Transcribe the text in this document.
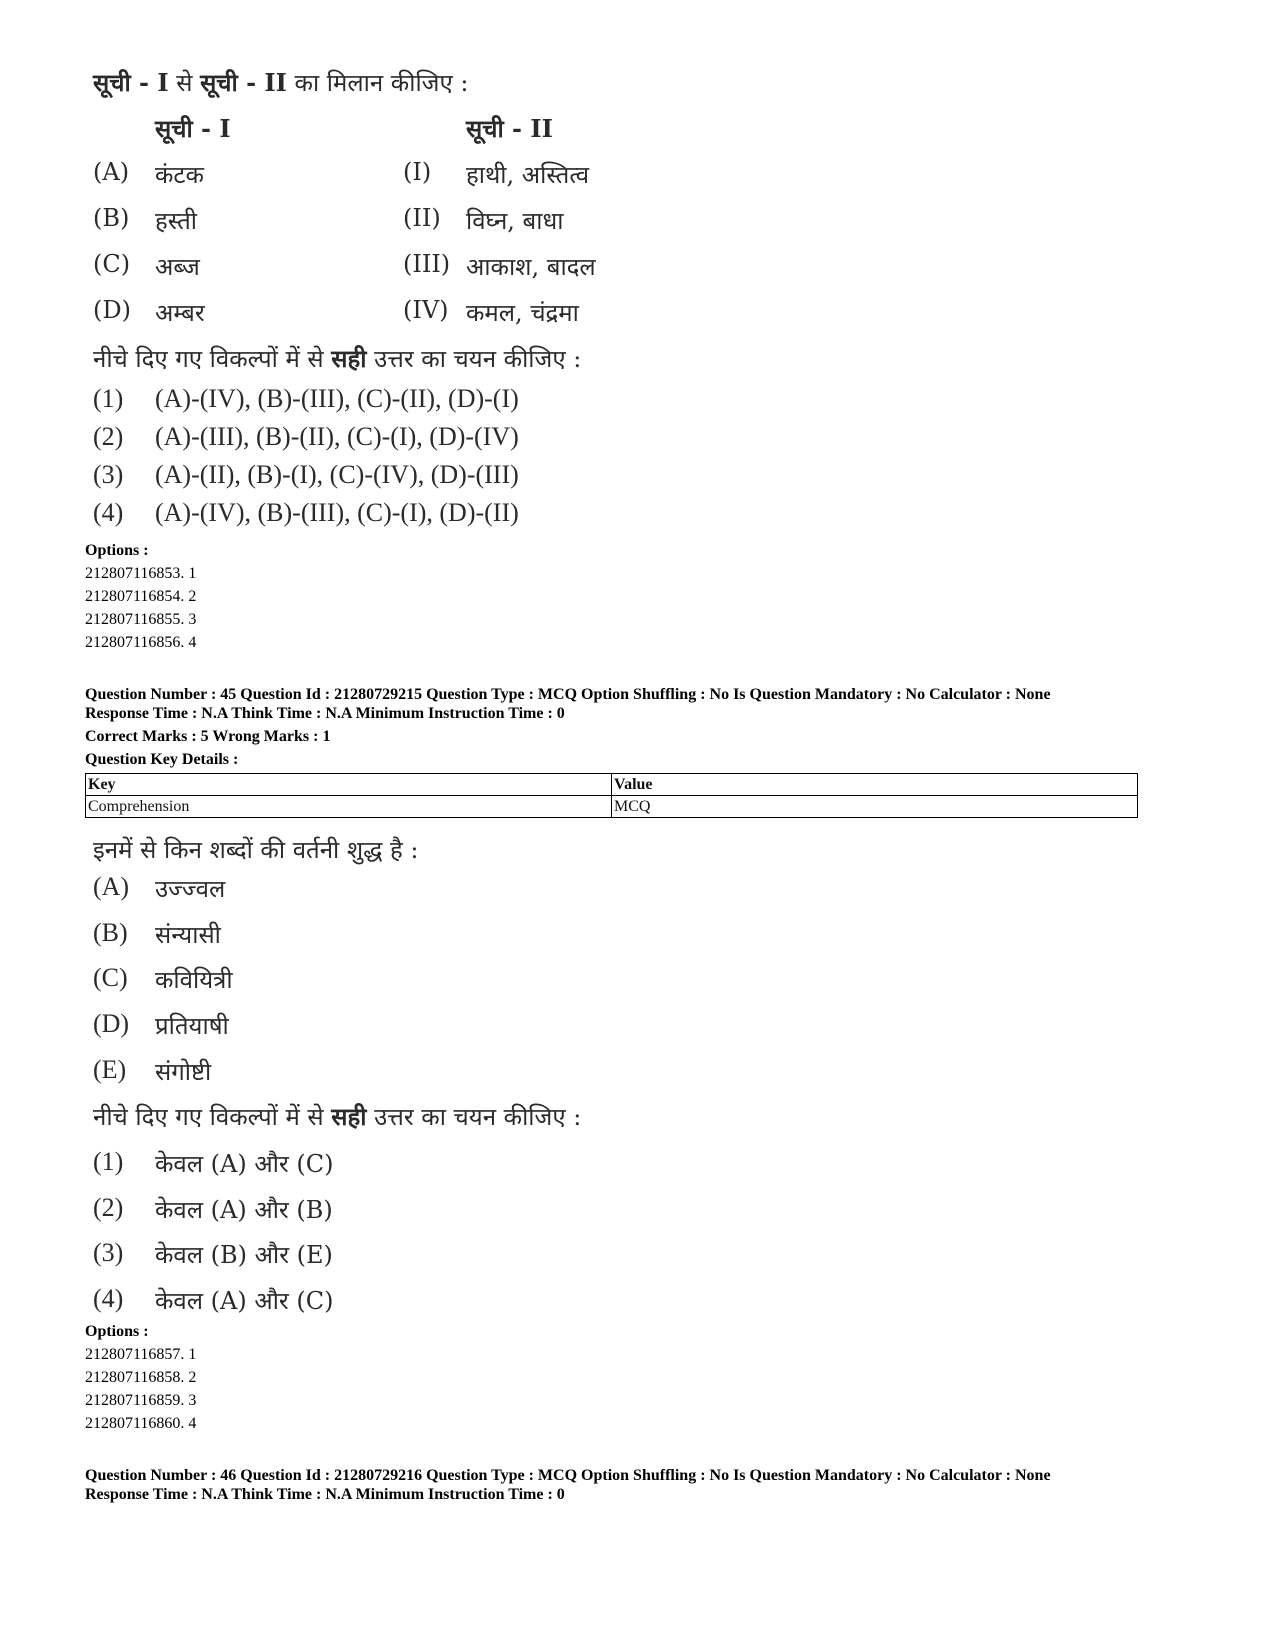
सूची - I से सूची - II का मिलान कीजिए :
सूची - I	सूची - II
(A) कंटक	(I) हाथी, अस्तित्व
(B) हस्ती	(II) विघ्न, बाधा
(C) अब्ज	(III) आकाश, बादल
(D) अम्बर	(IV) कमल, चंद्रमा
नीचे दिए गए विकल्पों में से सही उत्तर का चयन कीजिए :
(1) (A)-(IV), (B)-(III), (C)-(II), (D)-(I)
(2) (A)-(III), (B)-(II), (C)-(I), (D)-(IV)
(3) (A)-(II), (B)-(I), (C)-(IV), (D)-(III)
(4) (A)-(IV), (B)-(III), (C)-(I), (D)-(II)
Options :
212807116853. 1
212807116854. 2
212807116855. 3
212807116856. 4
Question Number : 45 Question Id : 21280729215 Question Type : MCQ Option Shuffling : No Is Question Mandatory : No Calculator : None
Response Time : N.A Think Time : N.A Minimum Instruction Time : 0
Correct Marks : 5 Wrong Marks : 1
Question Key Details :
Key	Value
Comprehension	MCQ
इनमें से किन शब्दों की वर्तनी शुद्ध है :
(A) उज्ज्वल
(B) संन्यासी
(C) कवियित्री
(D) प्रतियाषी
(E) संगोष्टी
नीचे दिए गए विकल्पों में से सही उत्तर का चयन कीजिए :
(1) केवल (A) और (C)
(2) केवल (A) और (B)
(3) केवल (B) और (E)
(4) केवल (A) और (C)
Options :
212807116857. 1
212807116858. 2
212807116859. 3
212807116860. 4
Question Number : 46 Question Id : 21280729216 Question Type : MCQ Option Shuffling : No Is Question Mandatory : No Calculator : None
Response Time : N.A Think Time : N.A Minimum Instruction Time : 0
